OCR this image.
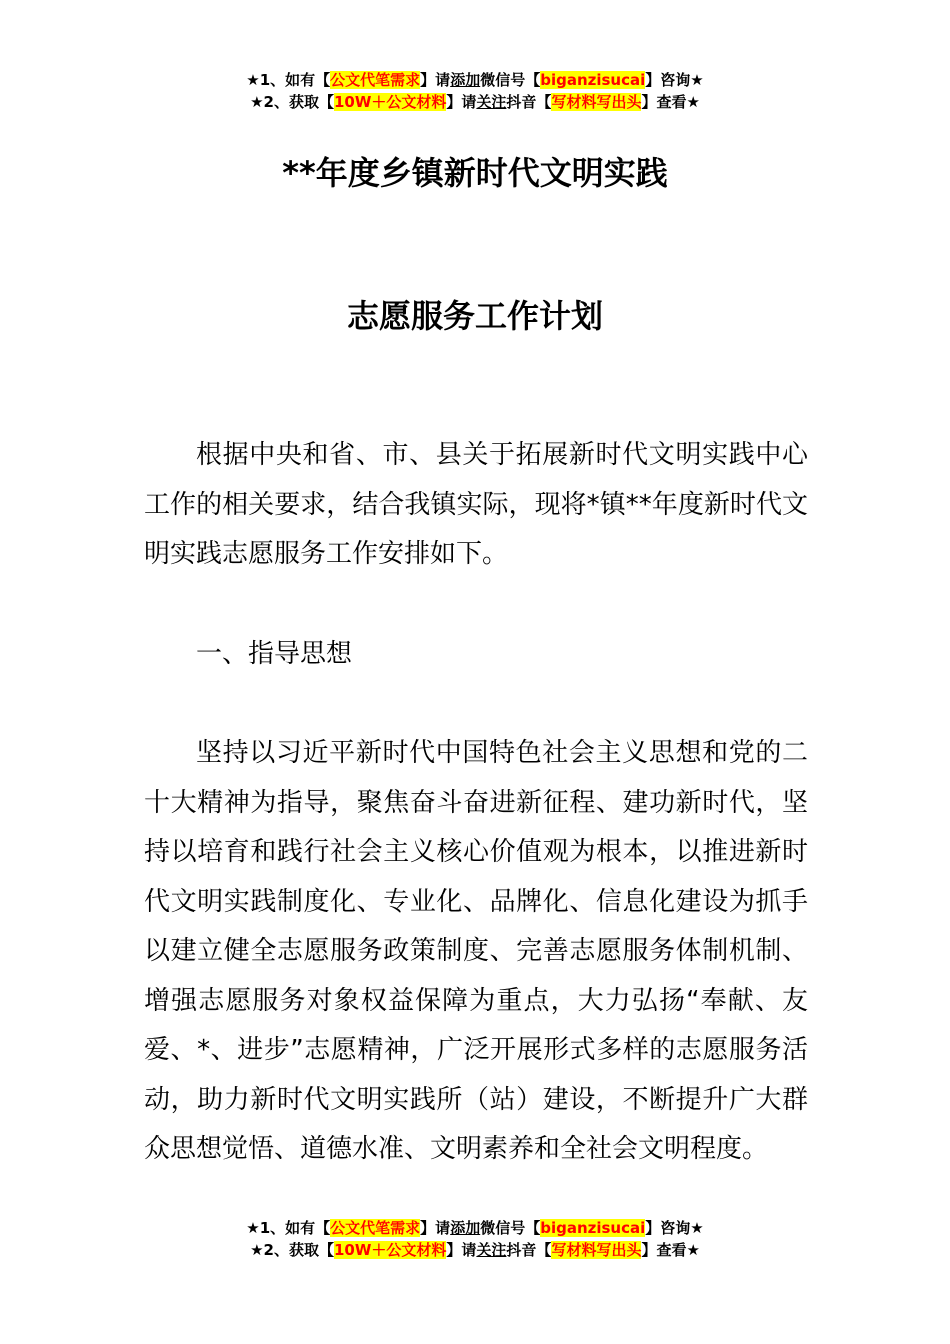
★1、如有【公文代笔需求】请添加微信号【biganzisucai】咨询★
★2、获取【10W＋公文材料】请关注抖音【写材料写出头】查看★
**年度乡镇新时代文明实践
志愿服务工作计划

根据中央和省、市、县关于拓展新时代文明实践中心工作的相关要求，结合我镇实际，现将*镇**年度新时代文明实践志愿服务工作安排如下。

一、指导思想

坚持以习近平新时代中国特色社会主义思想和党的二十大精神为指导，聚焦奋斗奋进新征程、建功新时代，坚持以培育和践行社会主义核心价值观为根本，以推进新时代文明实践制度化、专业化、品牌化、信息化建设为抓手以建立健全志愿服务政策制度、完善志愿服务体制机制、增强志愿服务对象权益保障为重点，大力弘扬“奉献、友爱、*、进步”志愿精神，广泛开展形式多样的志愿服务活动，助力新时代文明实践所（站）建设，不断提升广大群众思想觉悟、道德水准、文明素养和全社会文明程度。

★1、如有【公文代笔需求】请添加微信号【biganzisucai】咨询★
★2、获取【10W＋公文材料】请关注抖音【写材料写出头】查看★
